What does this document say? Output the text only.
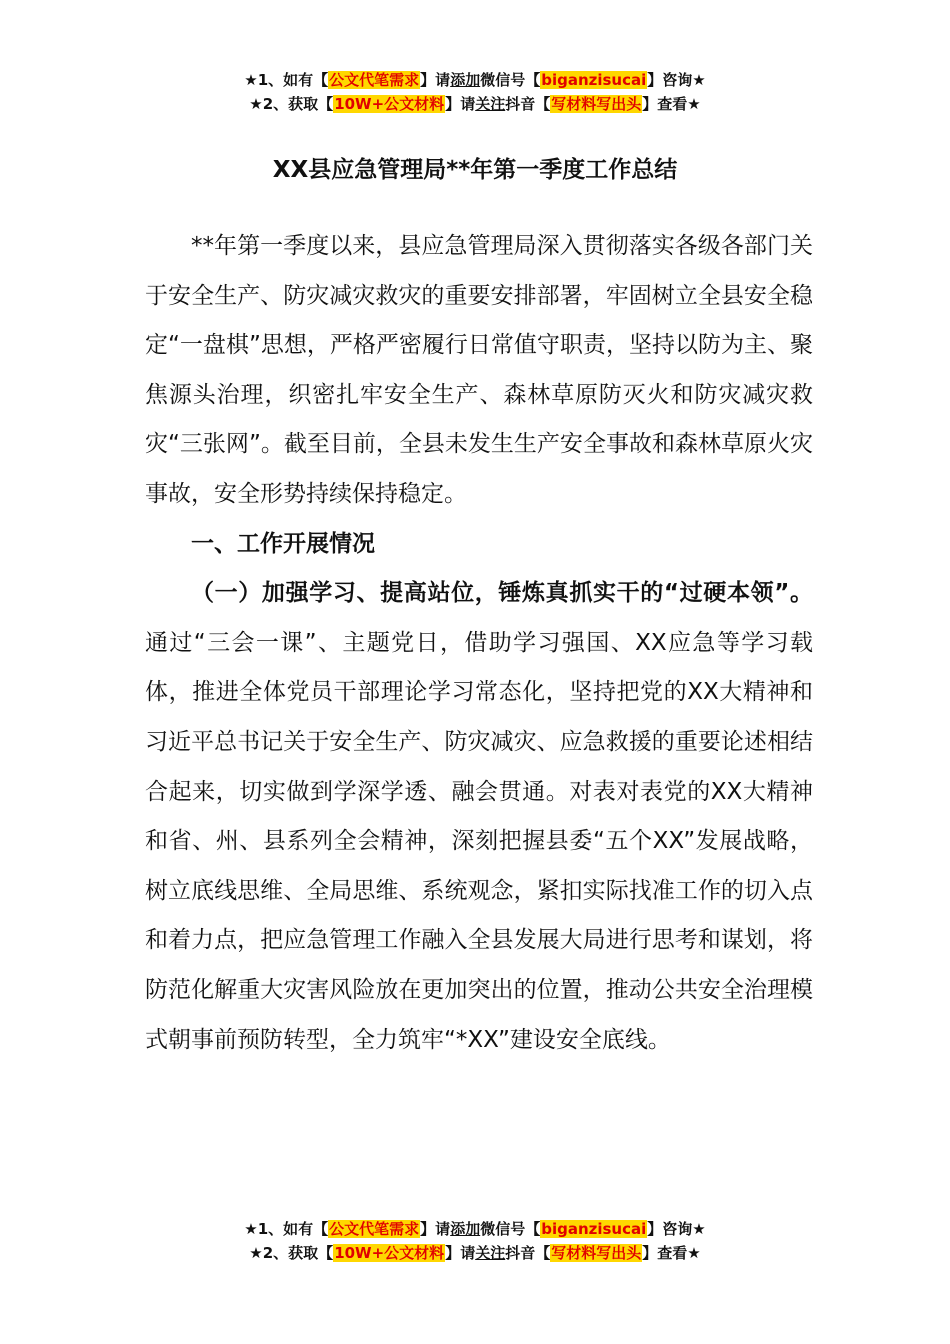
★1、如有【公文代笔需求】请添加微信号【biganzisucai】咨询★
★2、获取【10W+公文材料】请关注抖音【写材料写出头】查看★
XX县应急管理局**年第一季度工作总结

**年第一季度以来，县应急管理局深入贯彻落实各级各部门关于安全生产、防灾减灾救灾的重要安排部署，牢固树立全县安全稳定“一盘棋”思想，严格严密履行日常值守职责，坚持以防为主、聚焦源头治理，织密扎牢安全生产、森林草原防灭火和防灾减灾救灾“三张网”。截至目前，全县未发生生产安全事故和森林草原火灾事故，安全形势持续保持稳定。

一、工作开展情况

（一）加强学习、提高站位，锤炼真抓实干的“过硬本领”。通过“三会一课”、主题党日，借助学习强国、XX应急等学习载体，推进全体党员干部理论学习常态化，坚持把党的XX大精神和习近平总书记关于安全生产、防灾减灾、应急救援的重要论述相结合起来，切实做到学深学透、融会贯通。对表对表党的XX大精神和省、州、县系列全会精神，深刻把握县委“五个XX”发展战略，树立底线思维、全局思维、系统观念，紧扣实际找准工作的切入点和着力点，把应急管理工作融入全县发展大局进行思考和谋划，将防范化解重大灾害风险放在更加突出的位置，推动公共安全治理模式朝事前预防转型，全力筑牢“*XX”建设安全底线。

★1、如有【公文代笔需求】请添加微信号【biganzisucai】咨询★
★2、获取【10W+公文材料】请关注抖音【写材料写出头】查看★
